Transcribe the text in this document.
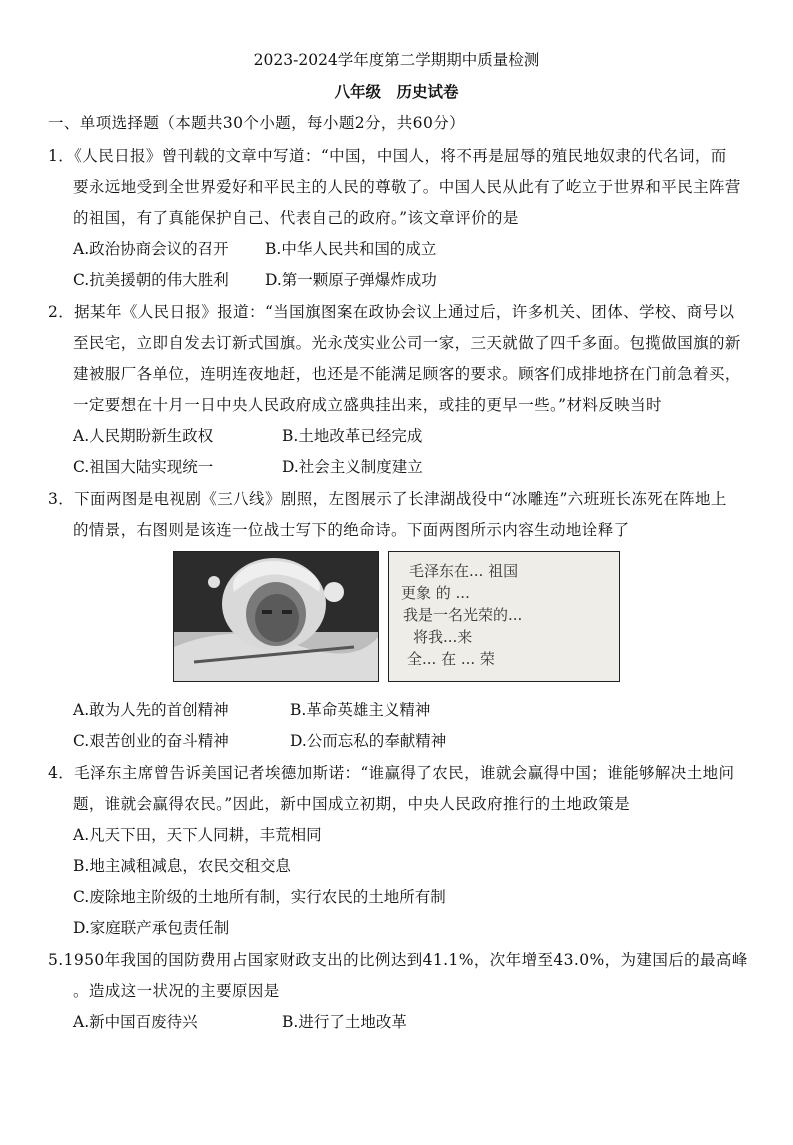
2023-2024学年度第二学期期中质量检测
八年级　历史试卷
一、单项选择题（本题共30个小题，每小题2分，共60分）
1．《人民日报》曾刊载的文章中写道：“中国，中国人，将不再是屈辱的殖民地奴隶的代名词，而
要永远地受到全世界爱好和平民主的人民的尊敬了。中国人民从此有了屹立于世界和平民主阵营
的祖国，有了真能保护自己、代表自己的政府。”该文章评价的是
A.政治协商会议的召开 B.中华人民共和国的成立
C.抗美援朝的伟大胜利 D.第一颗原子弹爆炸成功
2．据某年《人民日报》报道：“当国旗图案在政协会议上通过后，许多机关、团体、学校、商号以
至民宅，立即自发去订新式国旗。光永茂实业公司一家，三天就做了四千多面。包揽做国旗的新
建被服厂各单位，连明连夜地赶，也还是不能满足顾客的要求。顾客们成排地挤在门前急着买，
一定要想在十月一日中央人民政府成立盛典挂出来，或挂的更早一些。”材料反映当时
A.人民期盼新生政权	B.土地改革已经完成
C.祖国大陆实现统一	D.社会主义制度建立
3．下面两图是电视剧《三八线》剧照，左图展示了长津湖战役中“冰雕连”六班班长冻死在阵地上
的情景，右图则是该连一位战士写下的绝命诗。下面两图所示内容生动地诠释了
毛泽东在... 祖国
更象 的 ...
我是一名光荣的...
将我...来
全... 在 ... 荣
A.敢为人先的首创精神	B.革命英雄主义精神
C.艰苦创业的奋斗精神	D.公而忘私的奉献精神
4．毛泽东主席曾告诉美国记者埃德加斯诺：“谁赢得了农民，谁就会赢得中国；谁能够解决土地问
题，谁就会赢得农民。”因此，新中国成立初期，中央人民政府推行的土地政策是
A.凡天下田，天下人同耕，丰荒相同
B.地主减租减息，农民交租交息
C.废除地主阶级的土地所有制，实行农民的土地所有制
D.家庭联产承包责任制
5.1950年我国的国防费用占国家财政支出的比例达到41.1%，次年增至43.0%，为建国后的最高峰
。造成这一状况的主要原因是
A.新中国百废待兴	B.进行了土地改革
